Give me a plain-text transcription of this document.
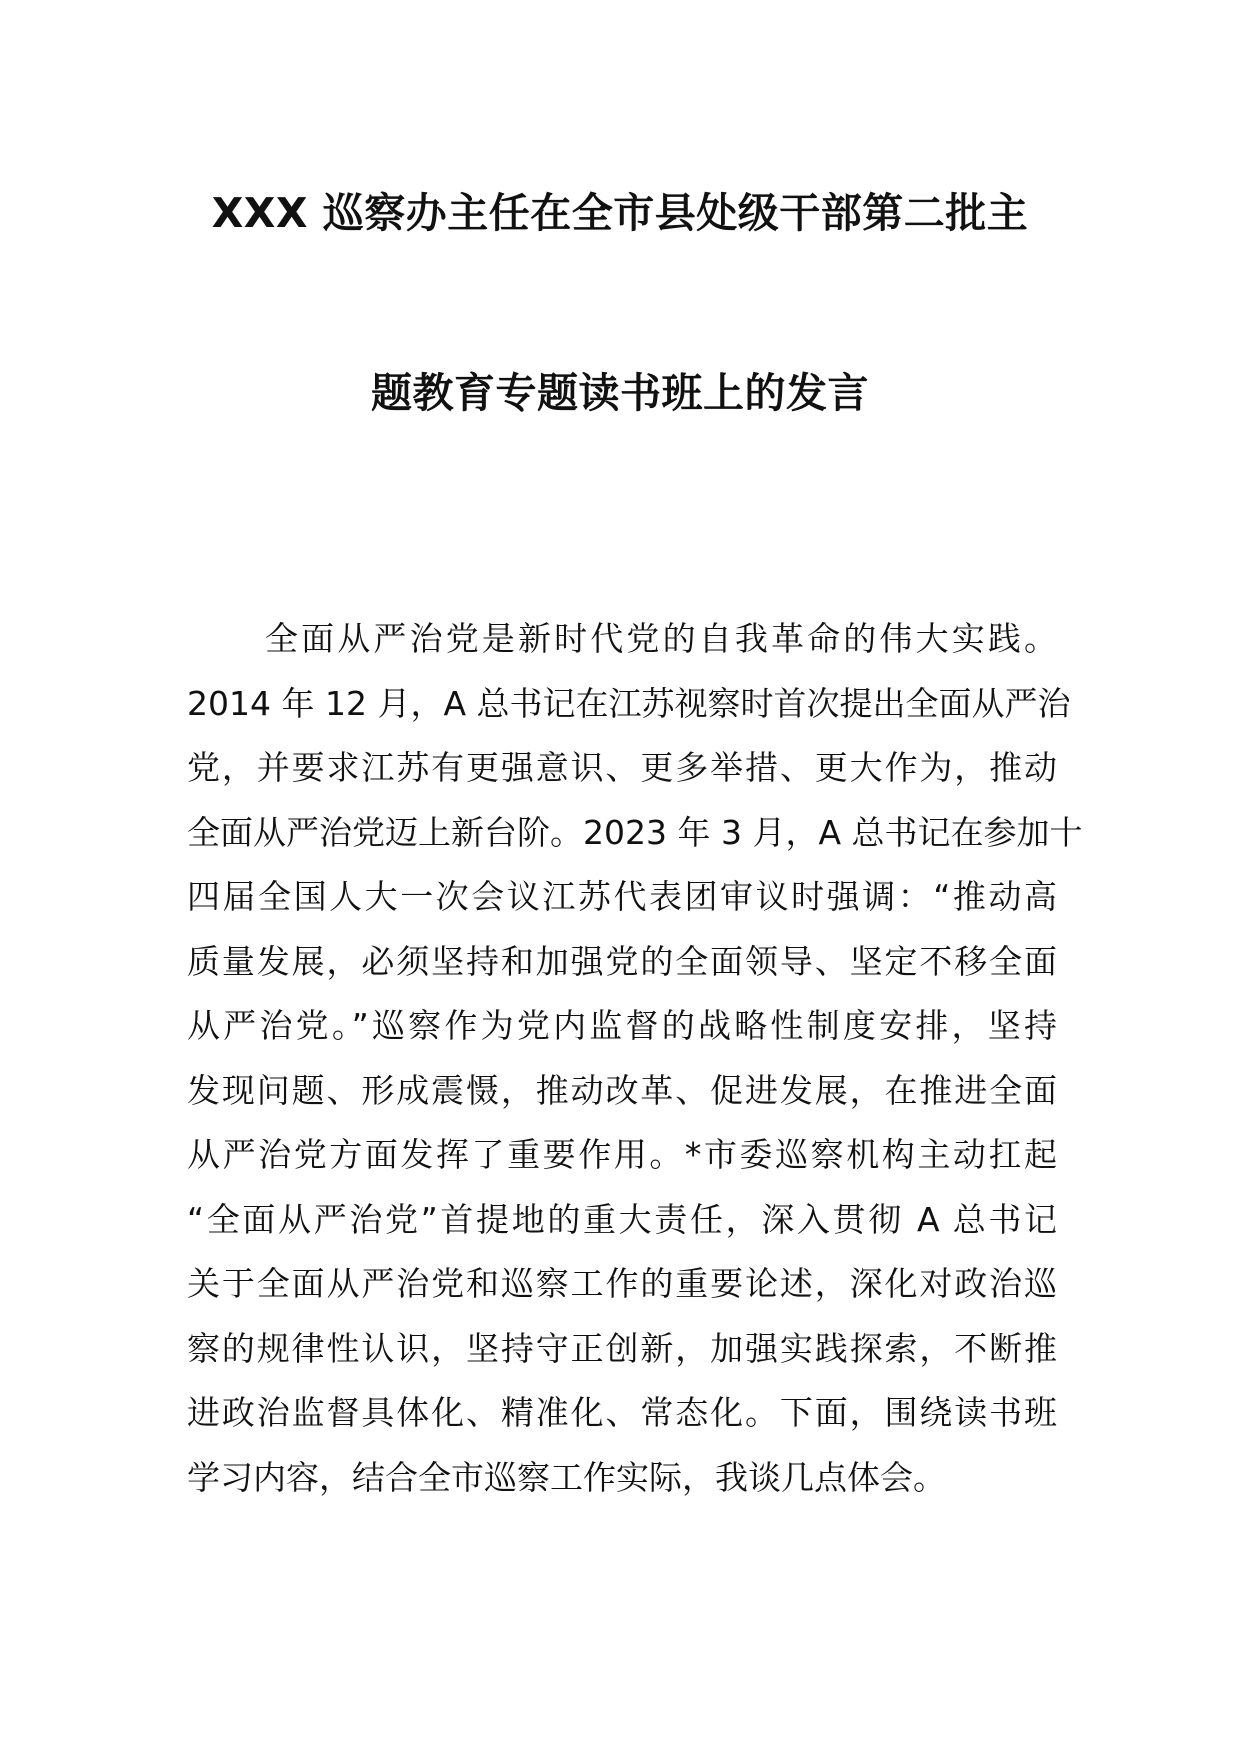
XXX 巡察办主任在全市县处级干部第二批主
题教育专题读书班上的发言
全面从严治党是新时代党的自我革命的伟大实践。
2014 年 12 月，A 总书记在江苏视察时首次提出全面从严治
党，并要求江苏有更强意识、更多举措、更大作为，推动
全面从严治党迈上新台阶。2023 年 3 月，A 总书记在参加十
四届全国人大一次会议江苏代表团审议时强调：“推动高
质量发展，必须坚持和加强党的全面领导、坚定不移全面
从严治党。”巡察作为党内监督的战略性制度安排，坚持
发现问题、形成震慑，推动改革、促进发展，在推进全面
从严治党方面发挥了重要作用。*市委巡察机构主动扛起
“全面从严治党”首提地的重大责任，深入贯彻 A 总书记
关于全面从严治党和巡察工作的重要论述，深化对政治巡
察的规律性认识，坚持守正创新，加强实践探索，不断推
进政治监督具体化、精准化、常态化。下面，围绕读书班
学习内容，结合全市巡察工作实际，我谈几点体会。
